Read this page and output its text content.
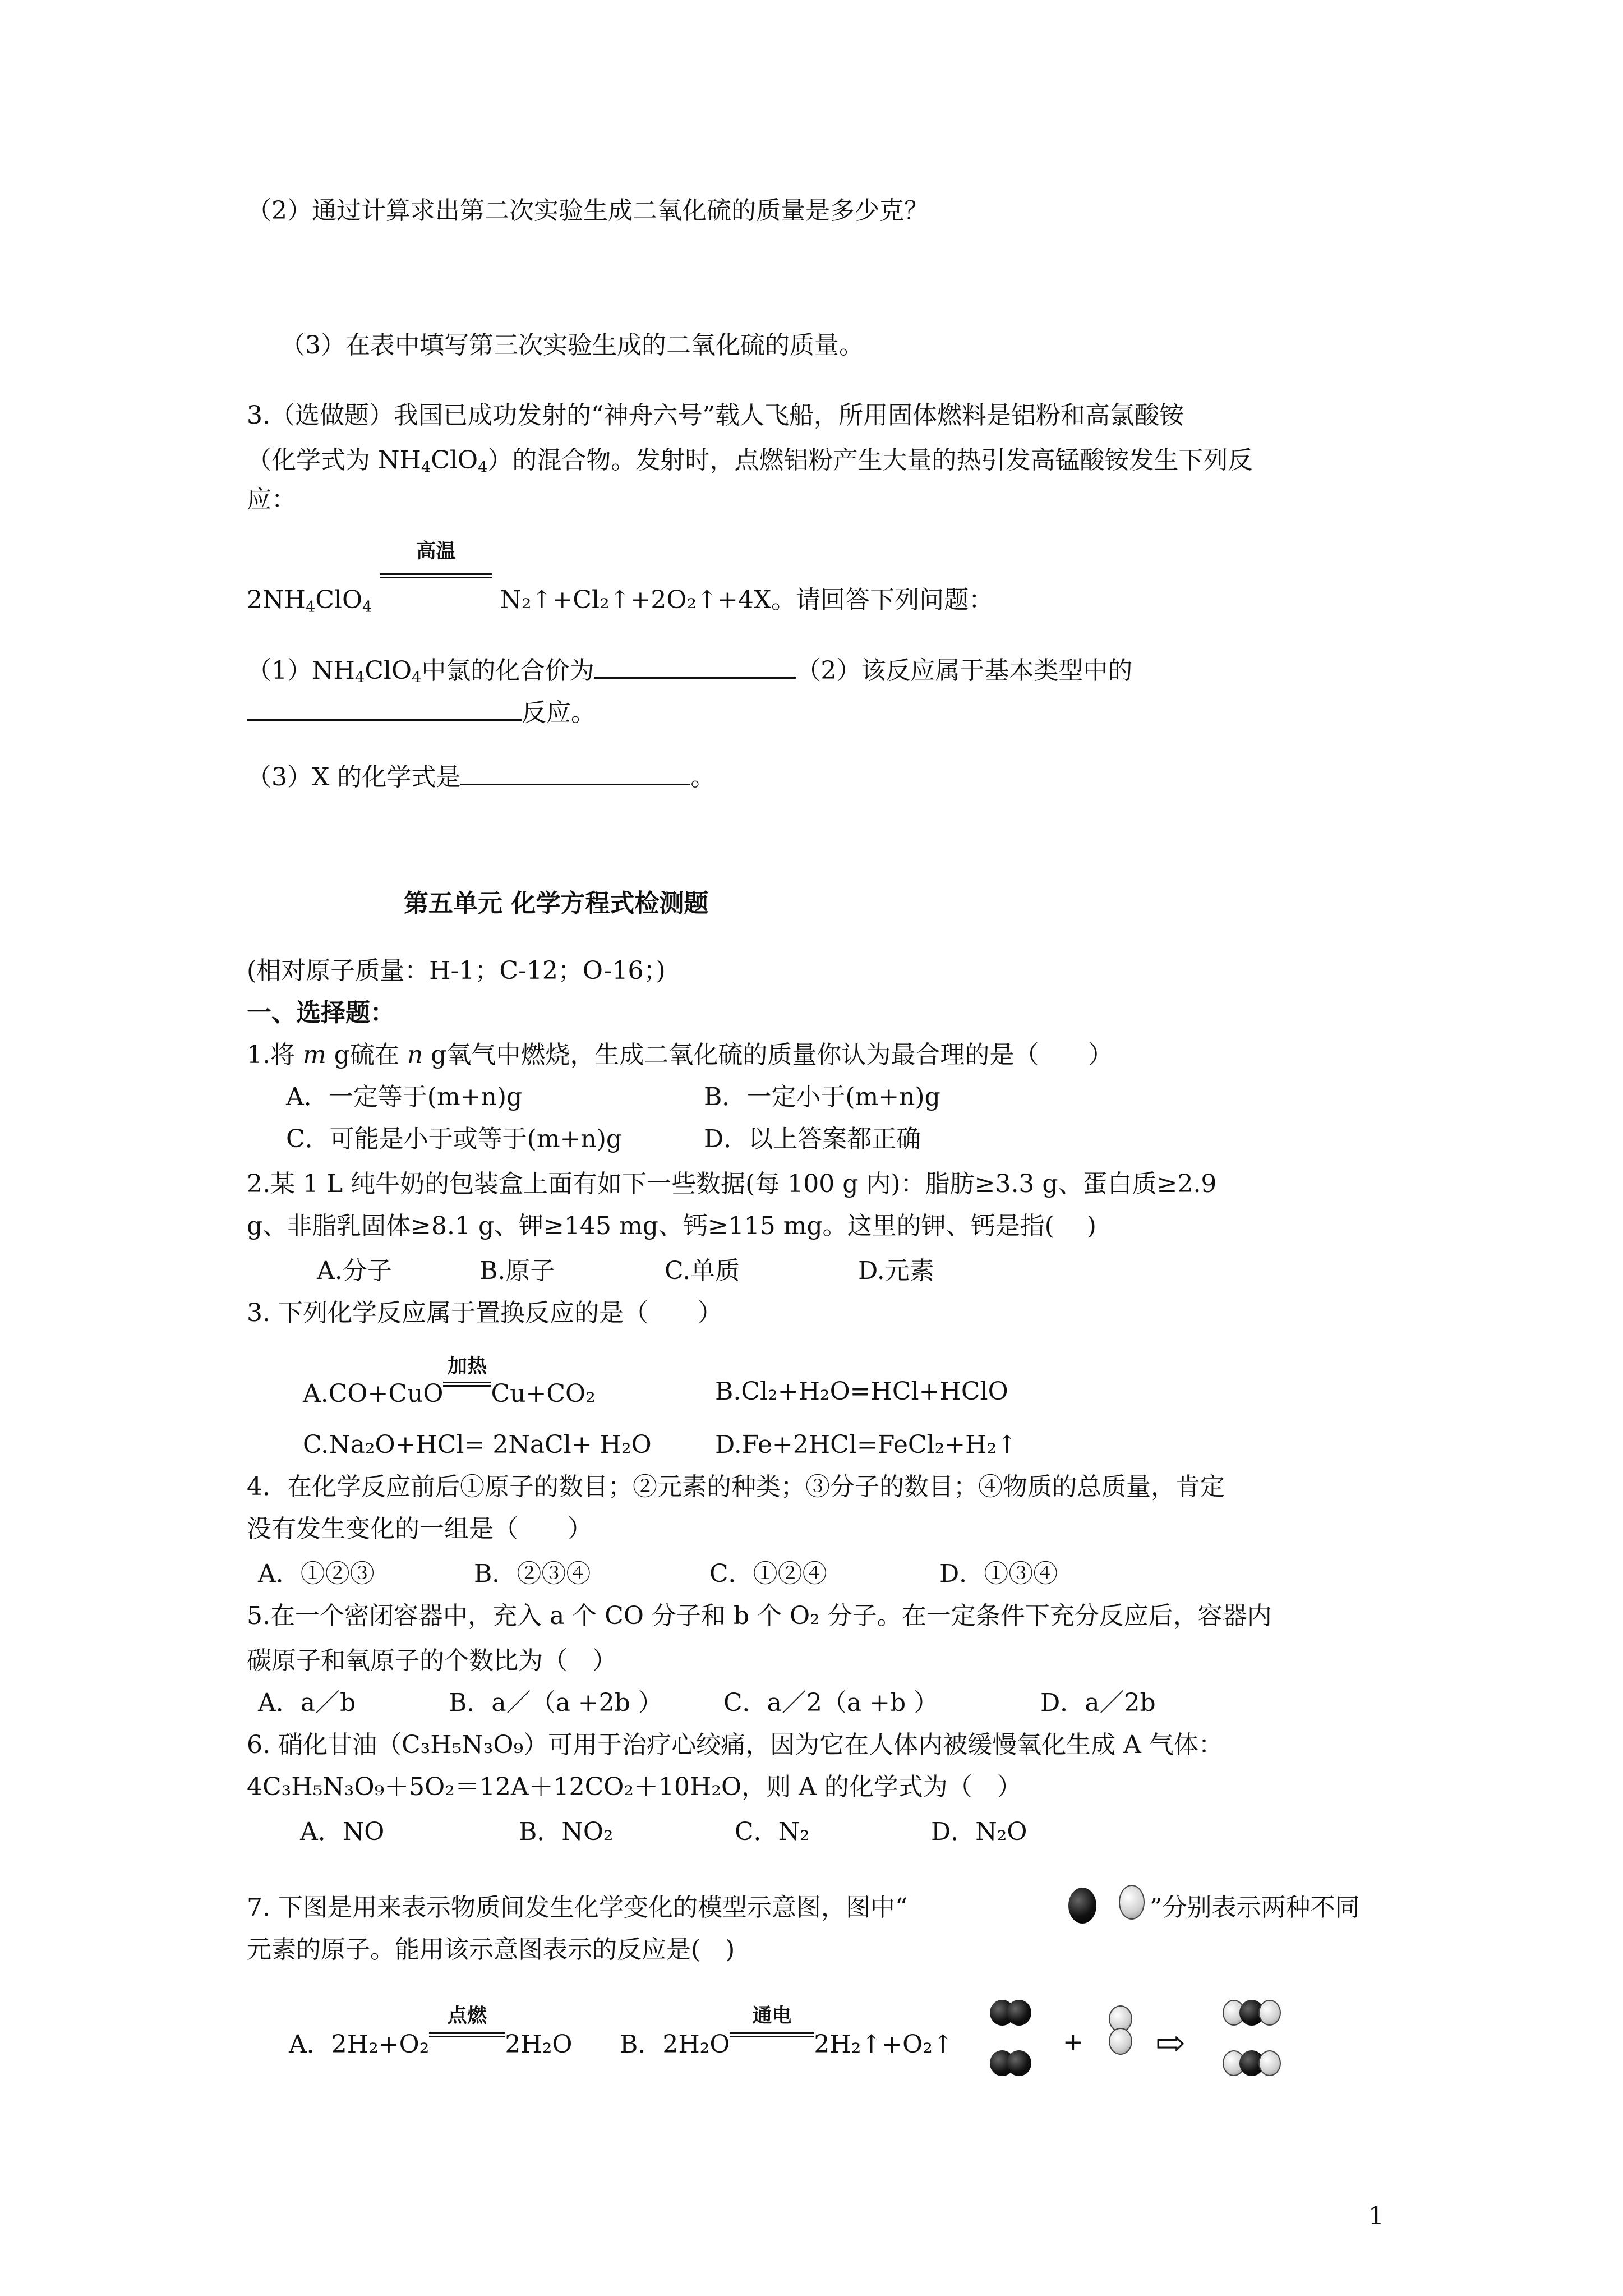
（2）通过计算求出第二次实验生成二氧化硫的质量是多少克？
（3）在表中填写第三次实验生成的二氧化硫的质量。
3.（选做题）我国已成功发射的“神舟六号”载人飞船，所用固体燃料是铝粉和高氯酸铵
（化学式为 $NH_4ClO_4$）的混合物。发射时，点燃铝粉产生大量的热引发高锰酸铵发生下列反
应：
$2NH_4ClO_4$
高温
N₂↑+Cl₂↑+2O₂↑+4X。请回答下列问题：
$(1)NH_4ClO_4$中氯的化合价为	（2）该反应属于基本类型中的
反应。
（3）X 的化学式是	。
第五单元 化学方程式检测题
(相对原子质量：H-1；C-12；O-16；)
一、选择题：
1.将 m g硫在 n g氧气中燃烧，生成二氧化硫的质量你认为最合理的是（　　）
A．一定等于(m+n)g	B．一定小于(m+n)g
C．可能是小于或等于(m+n)g	D．以上答案都正确
2.某 1 L 纯牛奶的包装盒上面有如下一些数据(每 100 g 内)：脂肪≥3.3 g、蛋白质≥2.9
g、非脂乳固体≥8.1 g、钾≥145 mg、钙≥115 mg。这里的钾、钙是指(　 )
A.分子	B.原子	C.单质	D.元素
3. 下列化学反应属于置换反应的是（　　）
A.CO+CuO
加热
Cu+CO₂	B.Cl₂+H₂O=HCl+HClO
C.Na₂O+HCl= 2NaCl+ H₂O	D.Fe+2HCl=FeCl₂+H₂↑
4．在化学反应前后①原子的数目；②元素的种类；③分子的数目；④物质的总质量，肯定
没有发生变化的一组是（　　）
A．①②③	B．②③④	C．①②④	D．①③④
5.在一个密闭容器中，充入 a 个 CO 分子和 b 个 O₂ 分子。在一定条件下充分反应后，容器内
碳原子和氧原子的个数比为（　）
A．a／b	B．a／（a +2b ） C．a／2（a +b ）	D．a／2b
6. 硝化甘油（C₃H₅N₃O₉）可用于治疗心绞痛，因为它在人体内被缓慢氧化生成 A 气体：
4C₃H₅N₃O₉＋5O₂＝12A＋12CO₂＋10H₂O，则 A 的化学式为（　）
A．NO	B．NO₂	C．N₂	D．N₂O
7. 下图是用来表示物质间发生化学变化的模型示意图，图中“	”分别表示两种不同
元素的原子。能用该示意图表示的反应是(　)
A．2H₂+O₂
点燃
2H₂O B．2H₂O
通电
2H₂↑+O₂↑	+ ⇨
1
